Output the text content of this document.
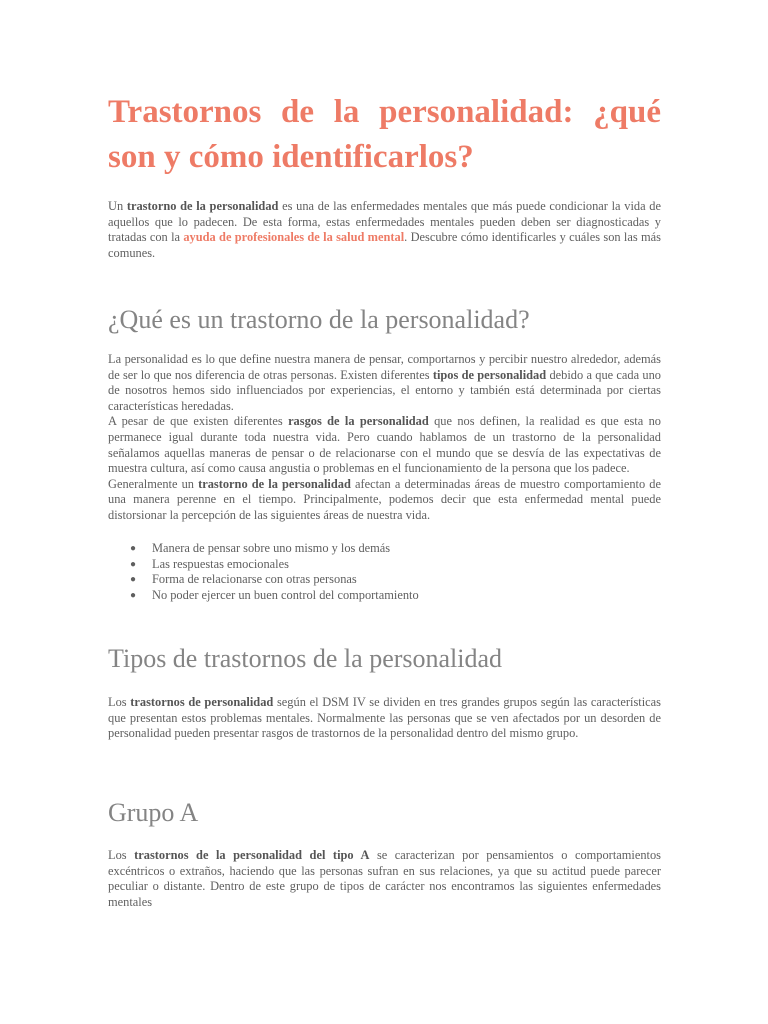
Trastornos de la personalidad: ¿qué son y cómo identificarlos?

Un trastorno de la personalidad es una de las enfermedades mentales que más puede condicionar la vida de aquellos que lo padecen. De esta forma, estas enfermedades mentales pueden deben ser diagnosticadas y tratadas con la ayuda de profesionales de la salud mental. Descubre cómo identificarles y cuáles son las más comunes.

¿Qué es un trastorno de la personalidad?

La personalidad es lo que define nuestra manera de pensar, comportarnos y percibir nuestro alrededor, además de ser lo que nos diferencia de otras personas. Existen diferentes tipos de personalidad debido a que cada uno de nosotros hemos sido influenciados por experiencias, el entorno y también está determinada por ciertas características heredadas.

A pesar de que existen diferentes rasgos de la personalidad que nos definen, la realidad es que esta no permanece igual durante toda nuestra vida. Pero cuando hablamos de un trastorno de la personalidad señalamos aquellas maneras de pensar o de relacionarse con el mundo que se desvía de las expectativas de muestra cultura, así como causa angustia o problemas en el funcionamiento de la persona que los padece.

Generalmente un trastorno de la personalidad afectan a determinadas áreas de muestro comportamiento de una manera perenne en el tiempo. Principalmente, podemos decir que esta enfermedad mental puede distorsionar la percepción de las siguientes áreas de nuestra vida.

● Manera de pensar sobre uno mismo y los demás
● Las respuestas emocionales
● Forma de relacionarse con otras personas
● No poder ejercer un buen control del comportamiento
Tipos de trastornos de la personalidad

Los trastornos de personalidad según el DSM IV se dividen en tres grandes grupos según las características que presentan estos problemas mentales. Normalmente las personas que se ven afectados por un desorden de personalidad pueden presentar rasgos de trastornos de la personalidad dentro del mismo grupo.

Grupo A

Los trastornos de la personalidad del tipo A se caracterizan por pensamientos o comportamientos excéntricos o extraños, haciendo que las personas sufran en sus relaciones, ya que su actitud puede parecer peculiar o distante. Dentro de este grupo de tipos de carácter nos encontramos las siguientes enfermedades mentales
